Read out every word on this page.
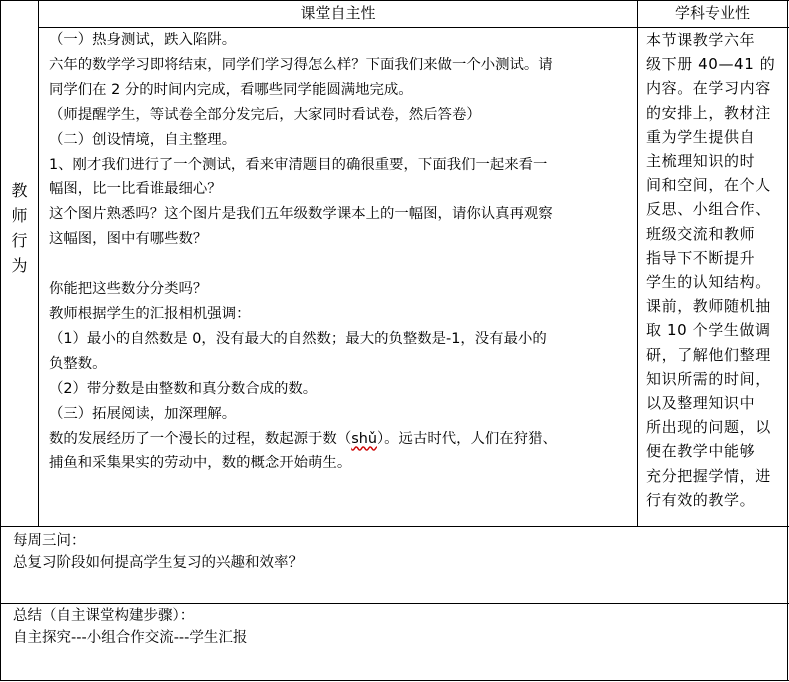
课堂自主性	学科专业性
教
师
行
为
（一）热身测试，跌入陷阱。
六年的数学学习即将结束，同学们学习得怎么样？下面我们来做一个小测试。请
同学们在 2 分的时间内完成，看哪些同学能圆满地完成。
（师提醒学生，等试卷全部分发完后，大家同时看试卷，然后答卷）
（二）创设情境，自主整理。
1、刚才我们进行了一个测试，看来审清题目的确很重要，下面我们一起来看一
幅图，比一比看谁最细心？
这个图片熟悉吗？这个图片是我们五年级数学课本上的一幅图，请你认真再观察
这幅图，图中有哪些数？

你能把这些数分分类吗？
教师根据学生的汇报相机强调：
（1）最小的自然数是 0，没有最大的自然数；最大的负整数是-1，没有最小的
负整数。
（2）带分数是由整数和真分数合成的数。
（三）拓展阅读，加深理解。
数的发展经历了一个漫长的过程，数起源于数（shǔ）。远古时代，人们在狩猎、
捕鱼和采集果实的劳动中，数的概念开始萌生。
本节课教学六年
级下册 40—41 的
内容。在学习内容
的安排上，教材注
重为学生提供自
主梳理知识的时
间和空间，在个人
反思、小组合作、
班级交流和教师
指导下不断提升
学生的认知结构。
课前，教师随机抽
取 10 个学生做调
研，了解他们整理
知识所需的时间，
以及整理知识中
所出现的问题，以
便在教学中能够
充分把握学情，进
行有效的教学。
每周三问：
总复习阶段如何提高学生复习的兴趣和效率？
总结（自主课堂构建步骤）：
自主探究---小组合作交流---学生汇报
